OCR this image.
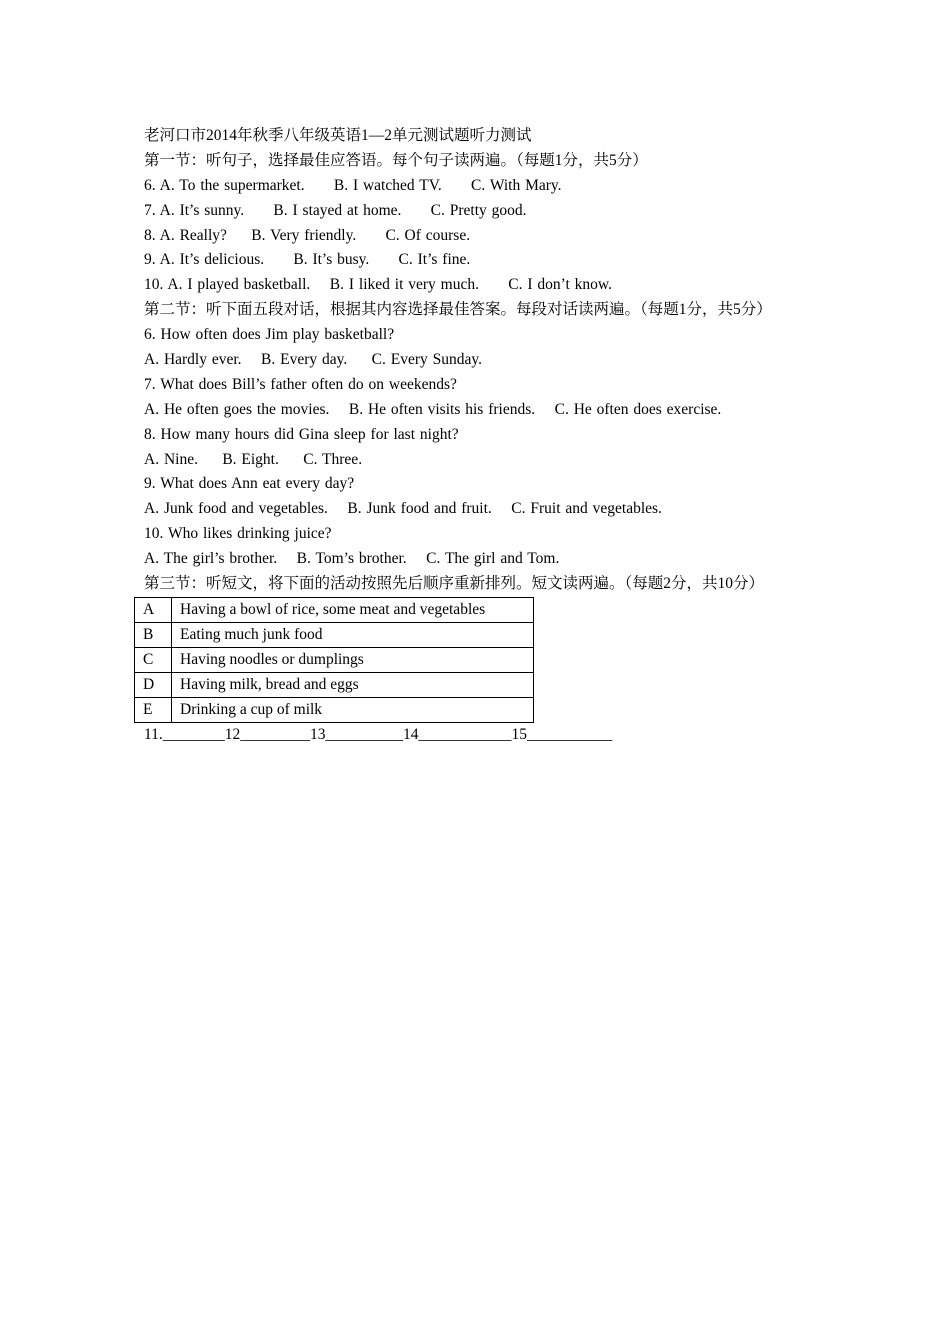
老河口市2014年秋季八年级英语1—2单元测试题听力测试
第一节：听句子，选择最佳应答语。每个句子读两遍。（每题1分，共5分）
6. A. To the supermarket.      B. I watched TV.      C. With Mary.
7. A. It’s sunny.      B. I stayed at home.      C. Pretty good.
8. A. Really?     B. Very friendly.      C. Of course.
9. A. It’s delicious.      B. It’s busy.      C. It’s fine.
10. A. I played basketball.    B. I liked it very much.      C. I don’t know.
第二节：听下面五段对话，根据其内容选择最佳答案。每段对话读两遍。（每题1分，共5分）
6. How often does Jim play basketball?
A. Hardly ever.    B. Every day.     C. Every Sunday.
7. What does Bill’s father often do on weekends?
A. He often goes the movies.    B. He often visits his friends.    C. He often does exercise.
8. How many hours did Gina sleep for last night?
A. Nine.     B. Eight.     C. Three.
9. What does Ann eat every day?
A. Junk food and vegetables.    B. Junk food and fruit.    C. Fruit and vegetables.
10. Who likes drinking juice?
A. The girl’s brother.    B. Tom’s brother.    C. The girl and Tom.
第三节：听短文，将下面的活动按照先后顺序重新排列。短文读两遍。（每题2分，共10分）
A	Having a bowl of rice, some meat and vegetables
B	Eating much junk food
C	Having noodles or dumplings
D	Having milk, bread and eggs
E	Drinking a cup of milk
11.________12_________13__________14____________15___________
